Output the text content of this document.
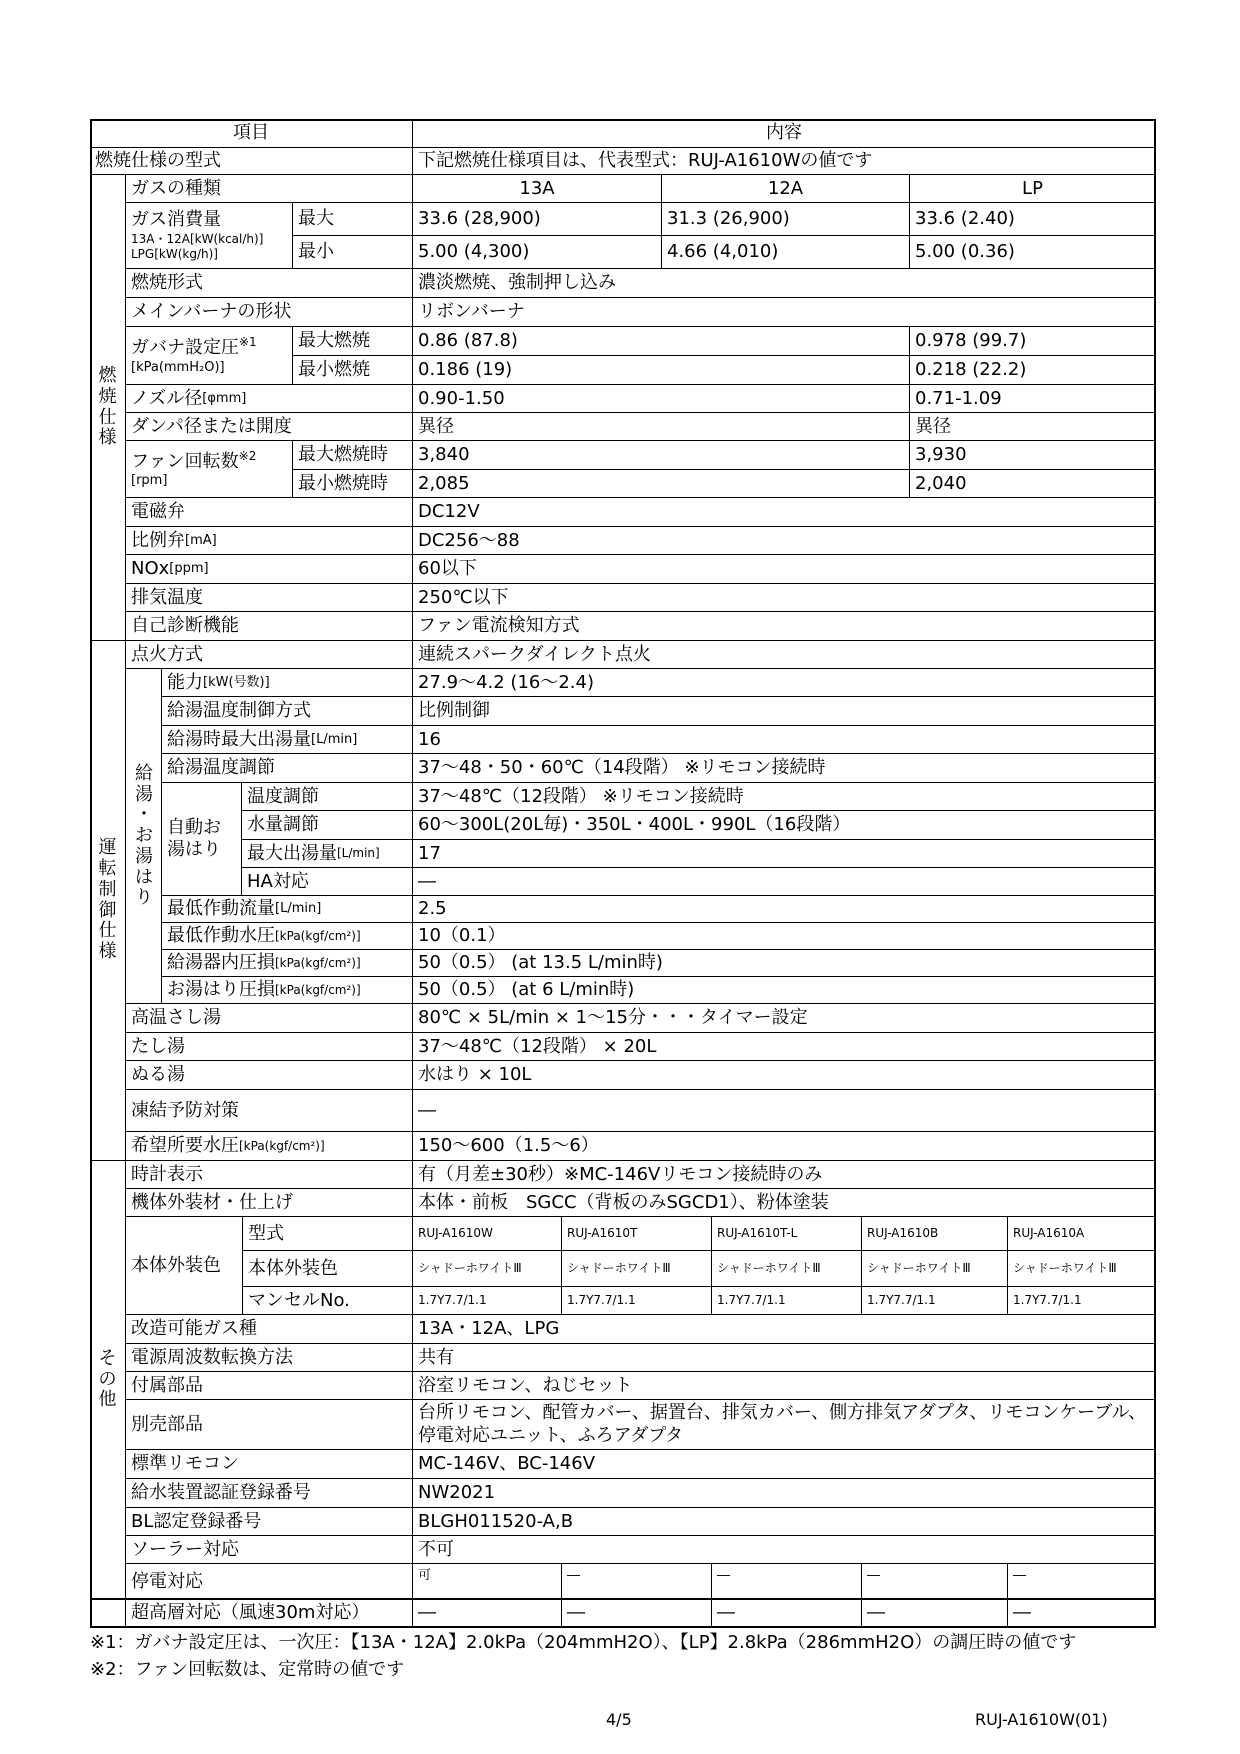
項目	内容
燃焼仕様の型式	下記燃焼仕様項目は、代表型式：RUJ-A1610Wの値です
燃
焼
仕
様
ガスの種類	13A	12A	LP
ガス消費量
13A・12A[kW(kcal/h)]
LPG[kW(kg/h)]
最大	33.6 (28,900)	31.3 (26,900)	33.6 (2.40)
最小	5.00 (4,300)	4.66 (4,010)	5.00 (0.36)
燃焼形式	濃淡燃焼、強制押し込み
メインバーナの形状	リボンバーナ
ガバナ設定圧$^{※1}$
[kPa(mmH₂O)]
最大燃焼	0.86 (87.8)	0.978 (99.7)
最小燃焼	0.186 (19)	0.218 (22.2)
ノズル径 [φmm]	0.90-1.50	0.71-1.09
ダンパ径または開度	異径	異径
ファン回転数$^{※2}$
[rpm]
最大燃焼時	3,840	3,930
最小燃焼時	2,085	2,040
電磁弁	DC12V
比例弁 [mA]	DC256～88
NOx [ppm]	60以下
排気温度	250℃以下
自己診断機能	ファン電流検知方式
運
転
制
御
仕
様
点火方式	連続スパークダイレクト点火
給
湯
・
お
湯
は
り
能力 [kW(号数)]	27.9～4.2 (16～2.4)
給湯温度制御方式	比例制御
給湯時最大出湯量 [L/min]	16
給湯温度調節	37～48・50・60℃（14段階） ※リモコン接続時
自動お
湯はり
温度調節	37～48℃（12段階） ※リモコン接続時
水量調節	60～300L(20L毎)・350L・400L・990L（16段階）
最大出湯量 [L/min] 17
HA対応	―
最低作動流量 [L/min]	2.5
最低作動水圧 [kPa(kgf/cm²)]	10（0.1）
給湯器内圧損 [kPa(kgf/cm²)]	50（0.5） (at 13.5 L/min時)
お湯はり圧損 [kPa(kgf/cm²)]	50（0.5） (at 6 L/min時)
高温さし湯	80℃ × 5L/min × 1～15分・・・タイマー設定
たし湯	37～48℃（12段階） × 20L
ぬる湯	水はり × 10L
凍結予防対策	―
希望所要水圧 [kPa(kgf/cm²)]	150～600（1.5～6）
そ
の
他
時計表示	有（月差±30秒）※MC-146Vリモコン接続時のみ
機体外装材・仕上げ	本体・前板　SGCC（背板のみSGCD1）、粉体塗装
本体外装色
型式	RUJ-A1610W	RUJ-A1610T	RUJ-A1610T-L	RUJ-A1610B	RUJ-A1610A
本体外装色	シャドーホワイトⅢ	シャドーホワイトⅢ	シャドーホワイトⅢ	シャドーホワイトⅢ	シャドーホワイトⅢ
マンセルNo.	1.7Y7.7/1.1	1.7Y7.7/1.1	1.7Y7.7/1.1	1.7Y7.7/1.1	1.7Y7.7/1.1
改造可能ガス種	13A・12A、LPG
電源周波数転換方法	共有
付属部品	浴室リモコン、ねじセット
別売部品
台所リモコン、配管カバー、据置台、排気カバー、側方排気アダプタ、リモコンケーブル、停電対応ユニット、ふろアダプタ
標準リモコン	MC-146V、BC-146V
給水装置認証登録番号	NW2021
BL認定登録番号	BLGH011520-A,B
ソーラー対応	不可
停電対応	可	―	―	―	―
超高層対応（風速30m対応）	―	―	―	―	―
※1：ガバナ設定圧は、一次圧：【13A・12A】2.0kPa（204mmH2O）、【LP】2.8kPa（286mmH2O）の調圧時の値です
※2：ファン回転数は、定常時の値です
4/5	RUJ-A1610W(01)
